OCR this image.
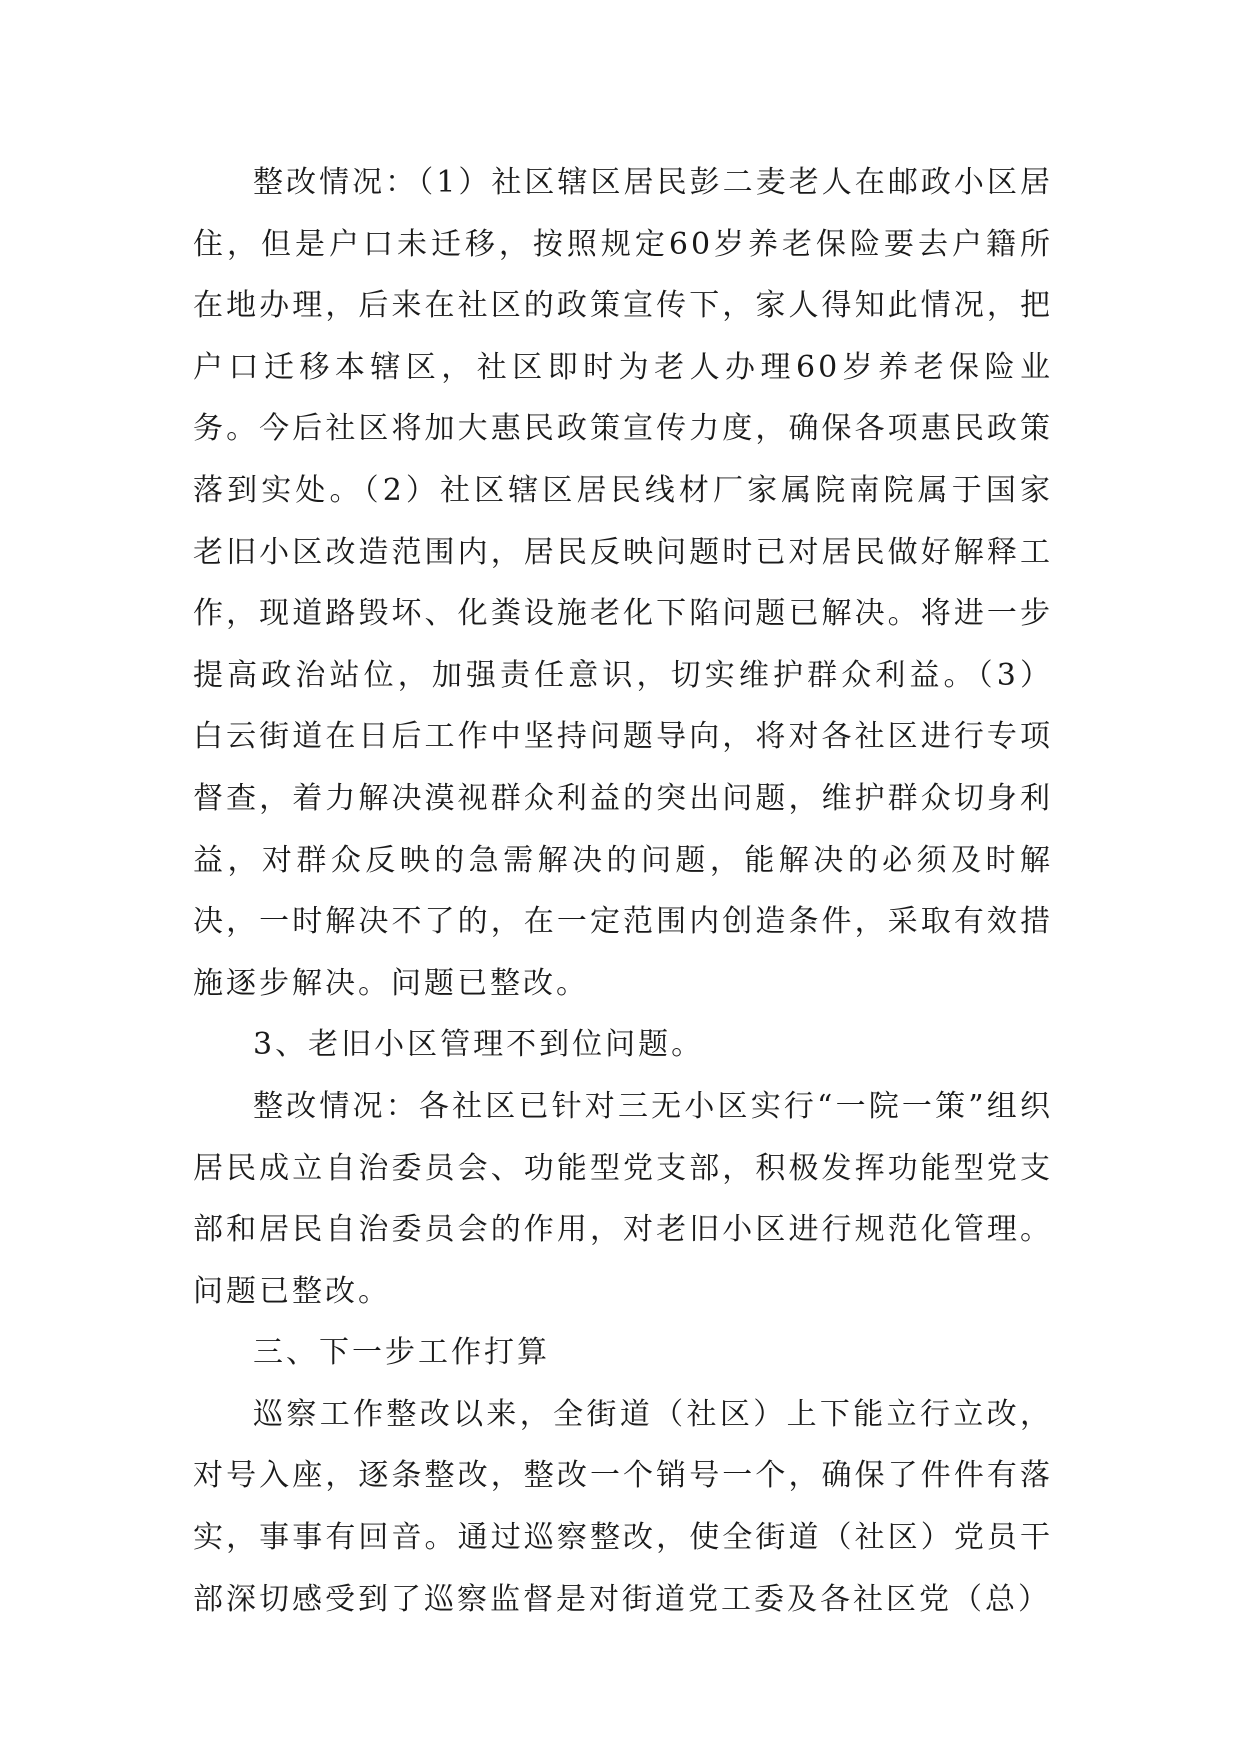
整改情况：（1）社区辖区居民彭二麦老人在邮政小区居住，但是户口未迁移，按照规定60岁养老保险要去户籍所在地办理，后来在社区的政策宣传下，家人得知此情况，把户口迁移本辖区，社区即时为老人办理60岁养老保险业务。今后社区将加大惠民政策宣传力度，确保各项惠民政策落到实处。（2）社区辖区居民线材厂家属院南院属于国家老旧小区改造范围内，居民反映问题时已对居民做好解释工作，现道路毁坏、化粪设施老化下陷问题已解决。将进一步提高政治站位，加强责任意识，切实维护群众利益。（3）白云街道在日后工作中坚持问题导向，将对各社区进行专项督查，着力解决漠视群众利益的突出问题，维护群众切身利益，对群众反映的急需解决的问题，能解决的必须及时解决，一时解决不了的，在一定范围内创造条件，采取有效措施逐步解决。问题已整改。

3、老旧小区管理不到位问题。

整改情况：各社区已针对三无小区实行“一院一策”组织居民成立自治委员会、功能型党支部，积极发挥功能型党支部和居民自治委员会的作用，对老旧小区进行规范化管理。问题已整改。

三、下一步工作打算

巡察工作整改以来，全街道（社区）上下能立行立改，对号入座，逐条整改，整改一个销号一个，确保了件件有落实，事事有回音。通过巡察整改，使全街道（社区）党员干部深切感受到了巡察监督是对街道党工委及各社区党（总）
